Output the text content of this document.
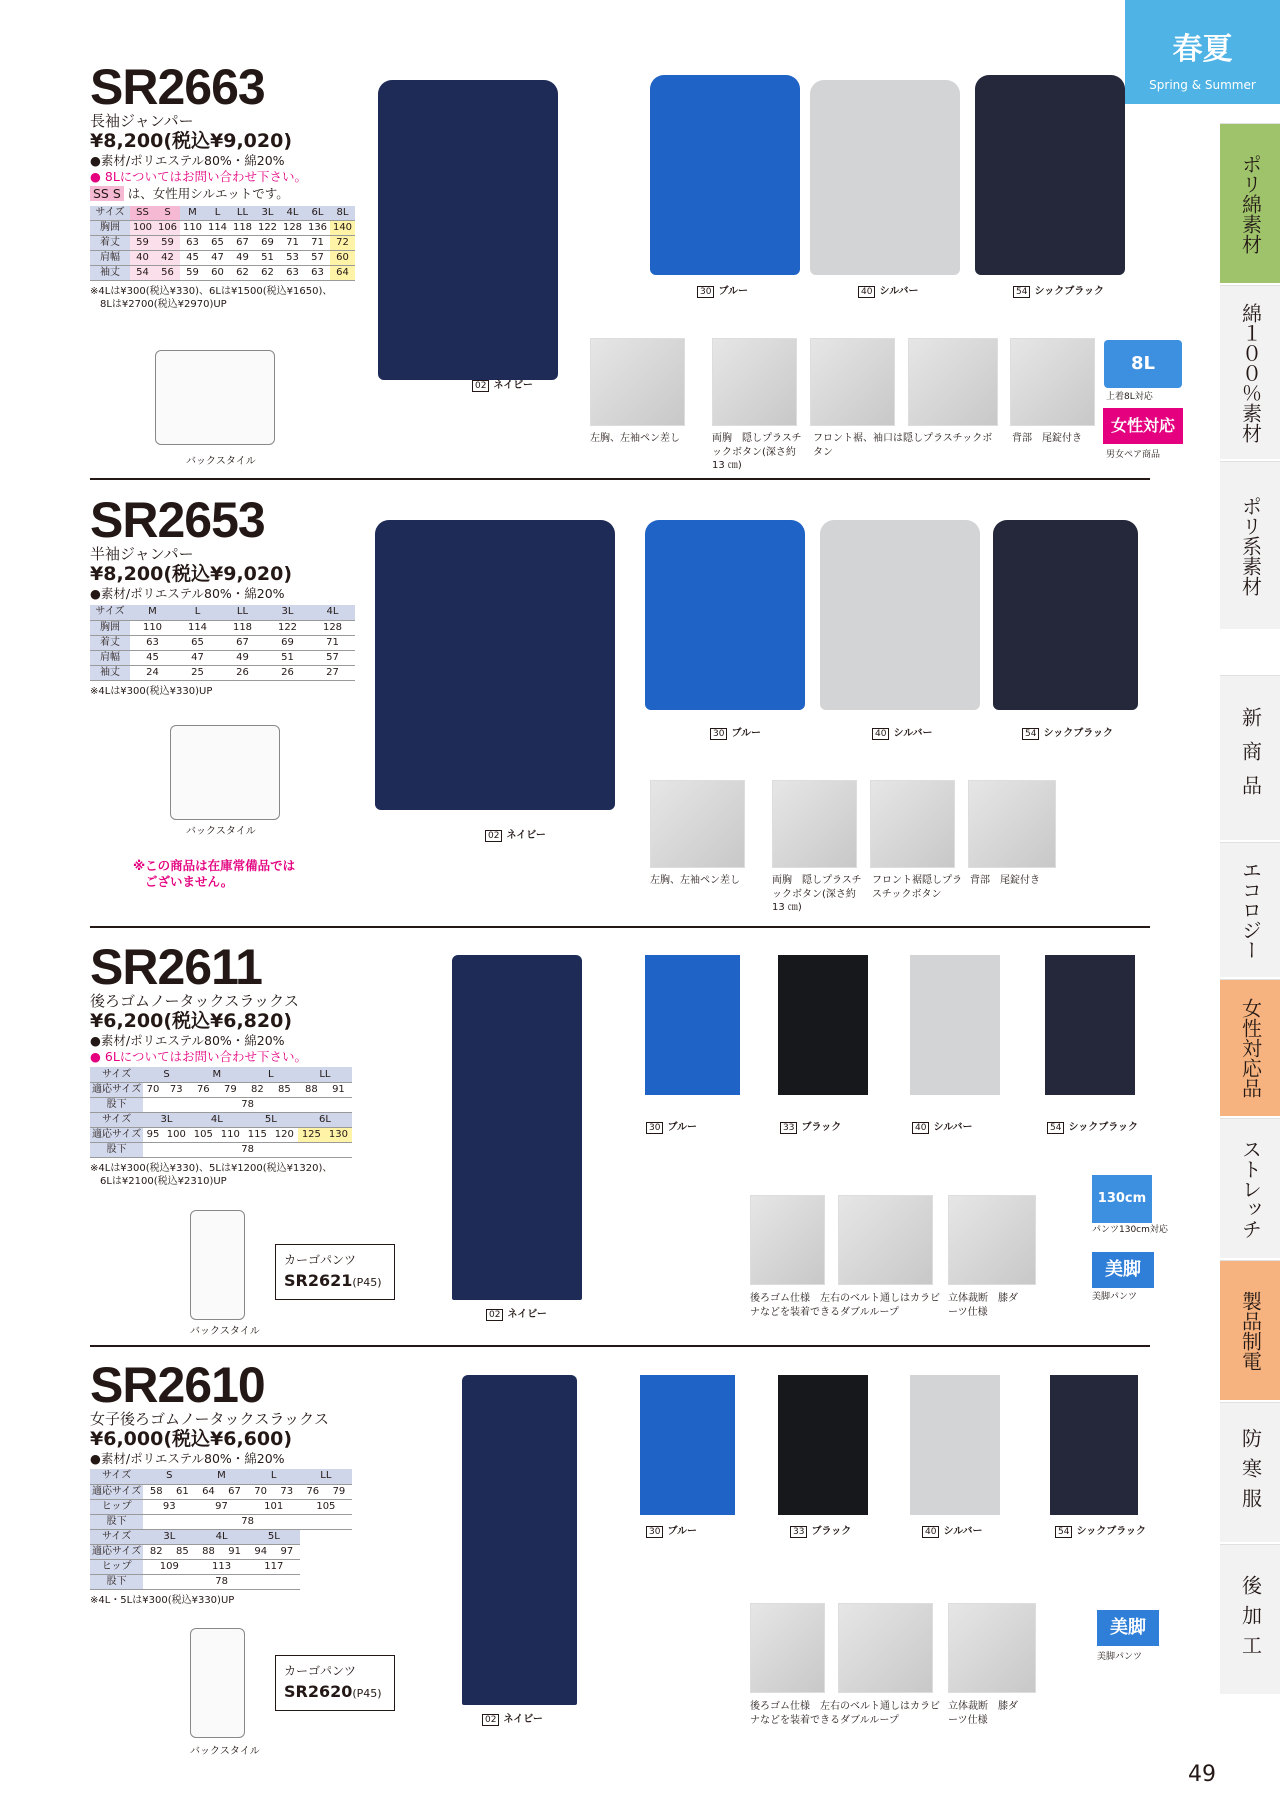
春夏
Spring & Summer
ポリ綿素材
綿１００％素材
ポリ系素材
新商品
エコロジー
女性対応品
ストレッチ
製品制電
防寒服
後加工
49
SR2663
長袖ジャンパー
¥8,200(税込¥9,020)
●素材/ポリエステル80%・綿20%
● 8Lについてはお問い合わせ下さい。
SS S は、女性用シルエットです。
サイズ	SS	S	M	L	LL	3L	4L	6L	8L
胸囲	100	106	110	114	118	122	128	136	140
着丈	59	59	63	65	67	69	71	71	72
肩幅	40	42	45	47	49	51	53	57	60
袖丈	54	56	59	60	62	62	63	63	64
※4Lは¥300(税込¥330)、6Lは¥1500(税込¥1650)、
8Lは¥2700(税込¥2970)UP
バックスタイル
02 ネイビー
30 ブルー	40 シルバー	54 シックブラック
左胸、左袖ペン差し	両胸　隠しプラスチックボタン(深さ約 13 ㎝)
フロント裾、袖口は隠しプラスチックボタン
背部　尾錠付き
8L
上着8L対応
女性対応
男女ペア商品
SR2653
半袖ジャンパー
¥8,200(税込¥9,020)
●素材/ポリエステル80%・綿20%
サイズ	M	L	LL	3L	4L
胸囲	110	114	118	122	128
着丈	63	65	67	69	71
肩幅	45	47	49	51	57
袖丈	24	25	26	26	27
※4Lは¥300(税込¥330)UP
バックスタイル
※この商品は在庫常備品では
ございません。
02 ネイビー
30 ブルー	40 シルバー	54 シックブラック
左胸、左袖ペン差し	両胸　隠しプラスチックボタン(深さ約 13 ㎝)
フロント裾隠しプラスチックボタン
背部　尾錠付き
SR2611
後ろゴムノータックスラックス
¥6,200(税込¥6,820)
●素材/ポリエステル80%・綿20%
● 6Lについてはお問い合わせ下さい。
サイズ	S		M		L		LL	
適応サイズ	70	73	76	79	82	85	88	91
股下	78							
サイズ	3L		4L		5L		6L	
適応サイズ	95	100	105	110	115	120	125	130
股下	78							
※4Lは¥300(税込¥330)、5Lは¥1200(税込¥1320)、
6Lは¥2100(税込¥2310)UP
バックスタイル
カーゴパンツ
SR2621(P45)
02 ネイビー
30 ブルー	33 ブラック	40 シルバー	54 シックブラック
後ろゴム仕様　左右のベルト通しはカラビナなどを装着できるダブルループ
立体裁断　膝ダーツ仕様
130cm
パンツ130cm対応
美脚
美脚パンツ
SR2610
女子後ろゴムノータックスラックス
¥6,000(税込¥6,600)
●素材/ポリエステル80%・綿20%
サイズ	S		M		L		LL	
適応サイズ	58	61	64	67	70	73	76	79
ヒップ	93		97		101		105	
股下	78							
サイズ	3L		4L		5L	
適応サイズ	82	85	88	91	94	97
ヒップ	109		113		117	
股下	78					
※4L・5Lは¥300(税込¥330)UP
バックスタイル
カーゴパンツ
SR2620(P45)
02 ネイビー
30 ブルー	33 ブラック	40 シルバー	54 シックブラック
後ろゴム仕様　左右のベルト通しはカラビナなどを装着できるダブルループ
立体裁断　膝ダーツ仕様
美脚
美脚パンツ
